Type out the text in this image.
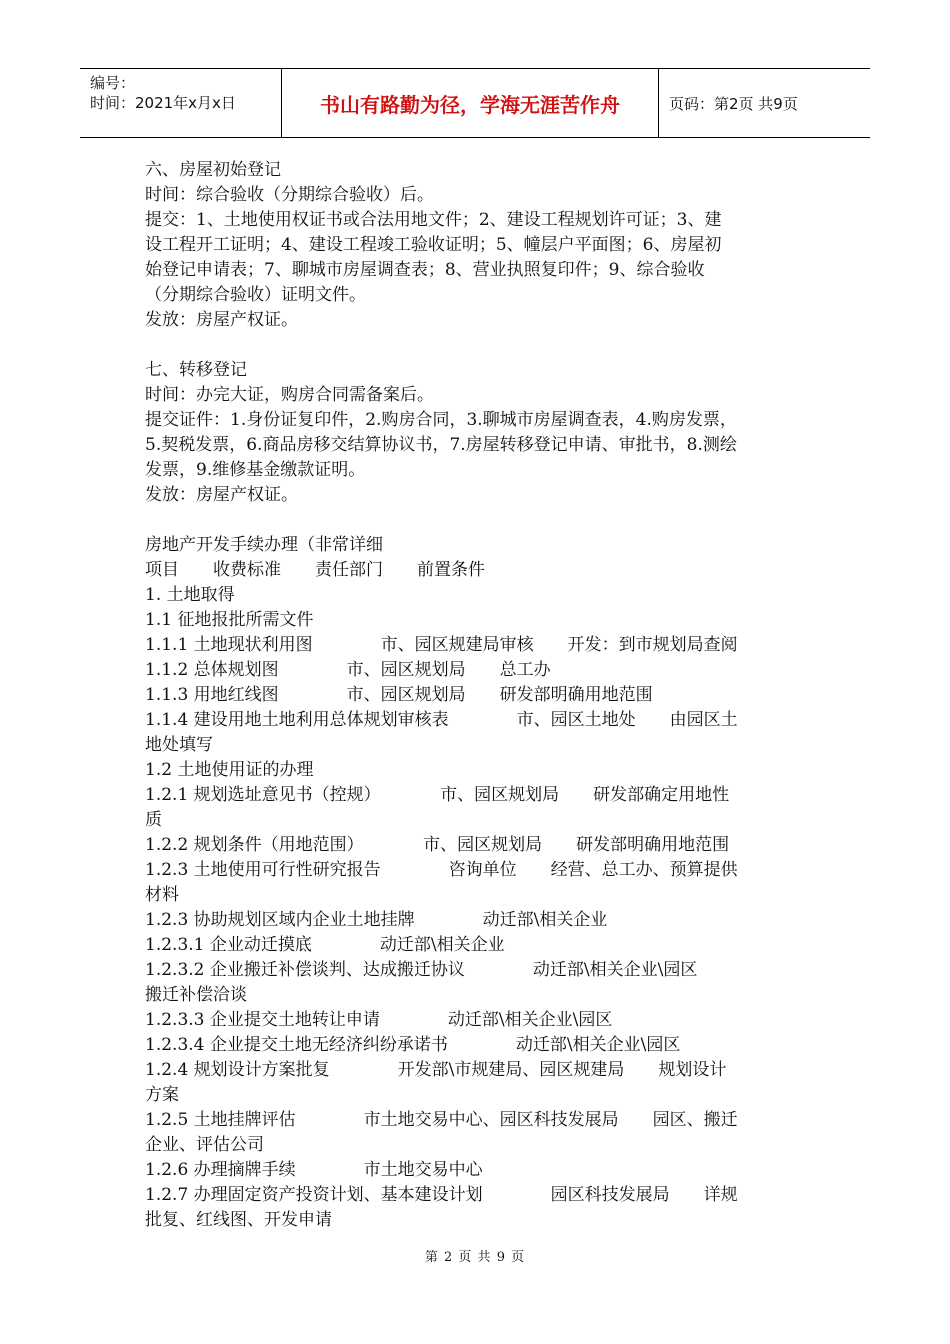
编号：
时间：2021年x月x日	书山有路勤为径，学海无涯苦作舟	页码：第2页 共9页
六、房屋初始登记
时间：综合验收（分期综合验收）后。
提交：1、土地使用权证书或合法用地文件；2、建设工程规划许可证；3、建
设工程开工证明；4、建设工程竣工验收证明；5、幢层户平面图；6、房屋初
始登记申请表；7、聊城市房屋调查表；8、营业执照复印件；9、综合验收
（分期综合验收）证明文件。
发放：房屋产权证。
七、转移登记
时间：办完大证，购房合同需备案后。
提交证件：1.身份证复印件，2.购房合同，3.聊城市房屋调查表，4.购房发票，
5.契税发票，6.商品房移交结算协议书，7.房屋转移登记申请、审批书，8.测绘
发票，9.维修基金缴款证明。
发放：房屋产权证。
房地产开发手续办理（非常详细
项目　　收费标准　　责任部门　　前置条件
1. 土地取得
1.1 征地报批所需文件
1.1.1 土地现状利用图　　　　市、园区规建局审核　　开发：到市规划局查阅
1.1.2 总体规划图　　　　市、园区规划局　　总工办
1.1.3 用地红线图　　　　市、园区规划局　　研发部明确用地范围
1.1.4 建设用地土地利用总体规划审核表　　　　市、园区土地处　　由园区土
地处填写
1.2 土地使用证的办理
1.2.1 规划选址意见书（控规）　　　　市、园区规划局　　研发部确定用地性
质
1.2.2 规划条件（用地范围）　　　　市、园区规划局　　研发部明确用地范围
1.2.3 土地使用可行性研究报告　　　　咨询单位　　经营、总工办、预算提供
材料
1.2.3 协助规划区域内企业土地挂牌　　　　动迁部\相关企业
1.2.3.1 企业动迁摸底　　　　动迁部\相关企业
1.2.3.2 企业搬迁补偿谈判、达成搬迁协议　　　　动迁部\相关企业\园区
搬迁补偿洽谈
1.2.3.3 企业提交土地转让申请　　　　动迁部\相关企业\园区
1.2.3.4 企业提交土地无经济纠纷承诺书　　　　动迁部\相关企业\园区
1.2.4 规划设计方案批复　　　　开发部\市规建局、园区规建局　　规划设计
方案
1.2.5 土地挂牌评估　　　　市土地交易中心、园区科技发展局　　园区、搬迁
企业、评估公司
1.2.6 办理摘牌手续　　　　市土地交易中心
1.2.7 办理固定资产投资计划、基本建设计划　　　　园区科技发展局　　详规
批复、红线图、开发申请
第 2 页 共 9 页
